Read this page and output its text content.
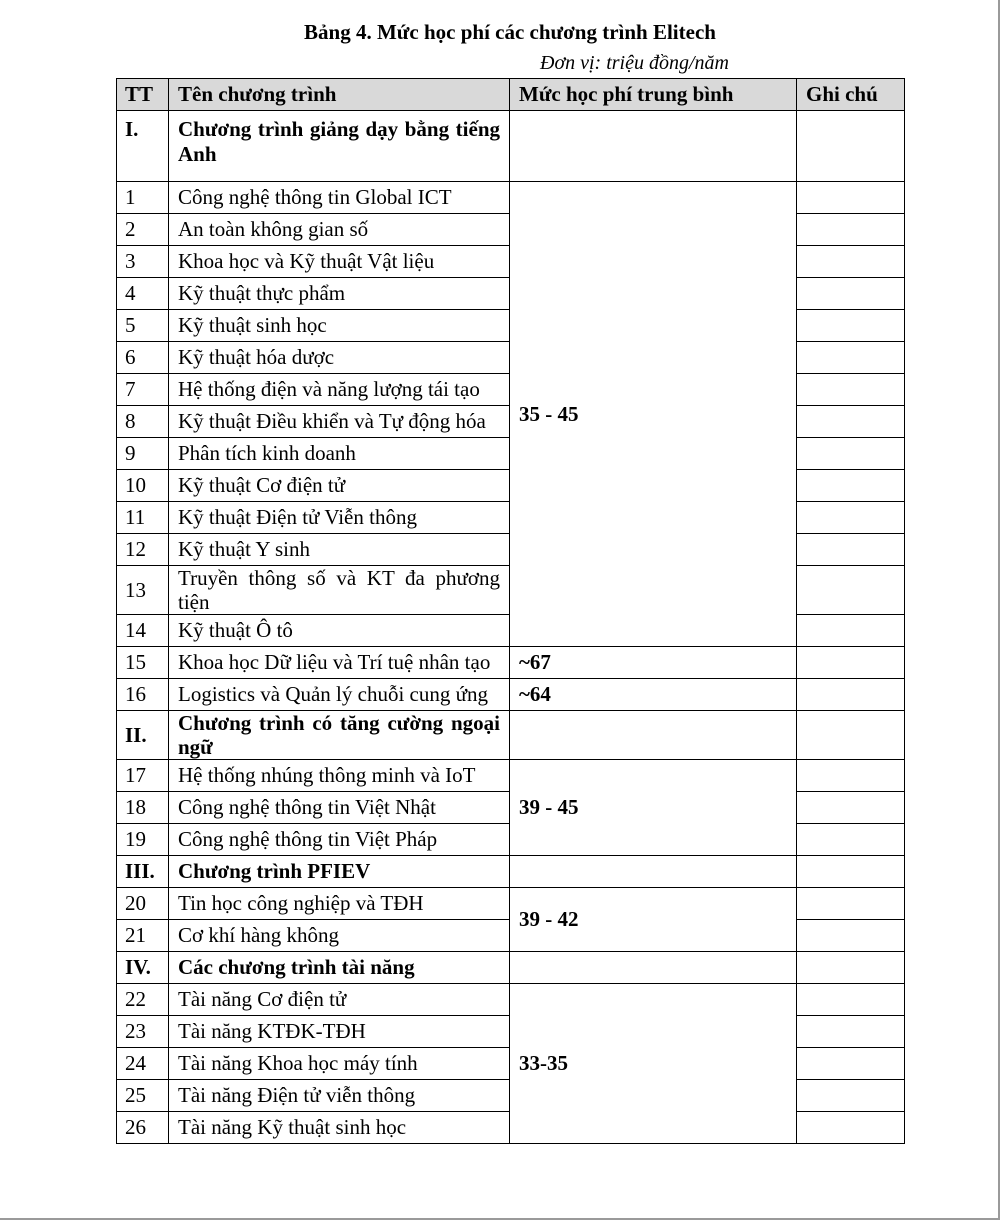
Bảng 4. Mức học phí các chương trình Elitech
Đơn vị: triệu đồng/năm
TT	Tên chương trình	Mức học phí trung bình	Ghi chú
I.	Chương trình giảng dạy bằng tiếng Anh		
1	Công nghệ thông tin Global ICT	35 - 45	
2	An toàn không gian số		
3	Khoa học và Kỹ thuật Vật liệu		
4	Kỹ thuật thực phẩm		
5	Kỹ thuật sinh học		
6	Kỹ thuật hóa dược		
7	Hệ thống điện và năng lượng tái tạo		
8	Kỹ thuật Điều khiển và Tự động hóa		
9	Phân tích kinh doanh		
10	Kỹ thuật Cơ điện tử		
11	Kỹ thuật Điện tử Viễn thông		
12	Kỹ thuật Y sinh		
13	Truyền thông số và KT đa phương tiện		
14	Kỹ thuật Ô tô		
15	Khoa học Dữ liệu và Trí tuệ nhân tạo	~67	
16	Logistics và Quản lý chuỗi cung ứng	~64	
II.	Chương trình có tăng cường ngoại ngữ		
17	Hệ thống nhúng thông minh và IoT	39 - 45	
18	Công nghệ thông tin Việt Nhật		
19	Công nghệ thông tin Việt Pháp		
III.	Chương trình PFIEV		
20	Tin học công nghiệp và TĐH	39 - 42	
21	Cơ khí hàng không		
IV.	Các chương trình tài năng		
22	Tài năng Cơ điện tử	33-35	
23	Tài năng KTĐK-TĐH		
24	Tài năng Khoa học máy tính		
25	Tài năng Điện tử viễn thông		
26	Tài năng Kỹ thuật sinh học		
